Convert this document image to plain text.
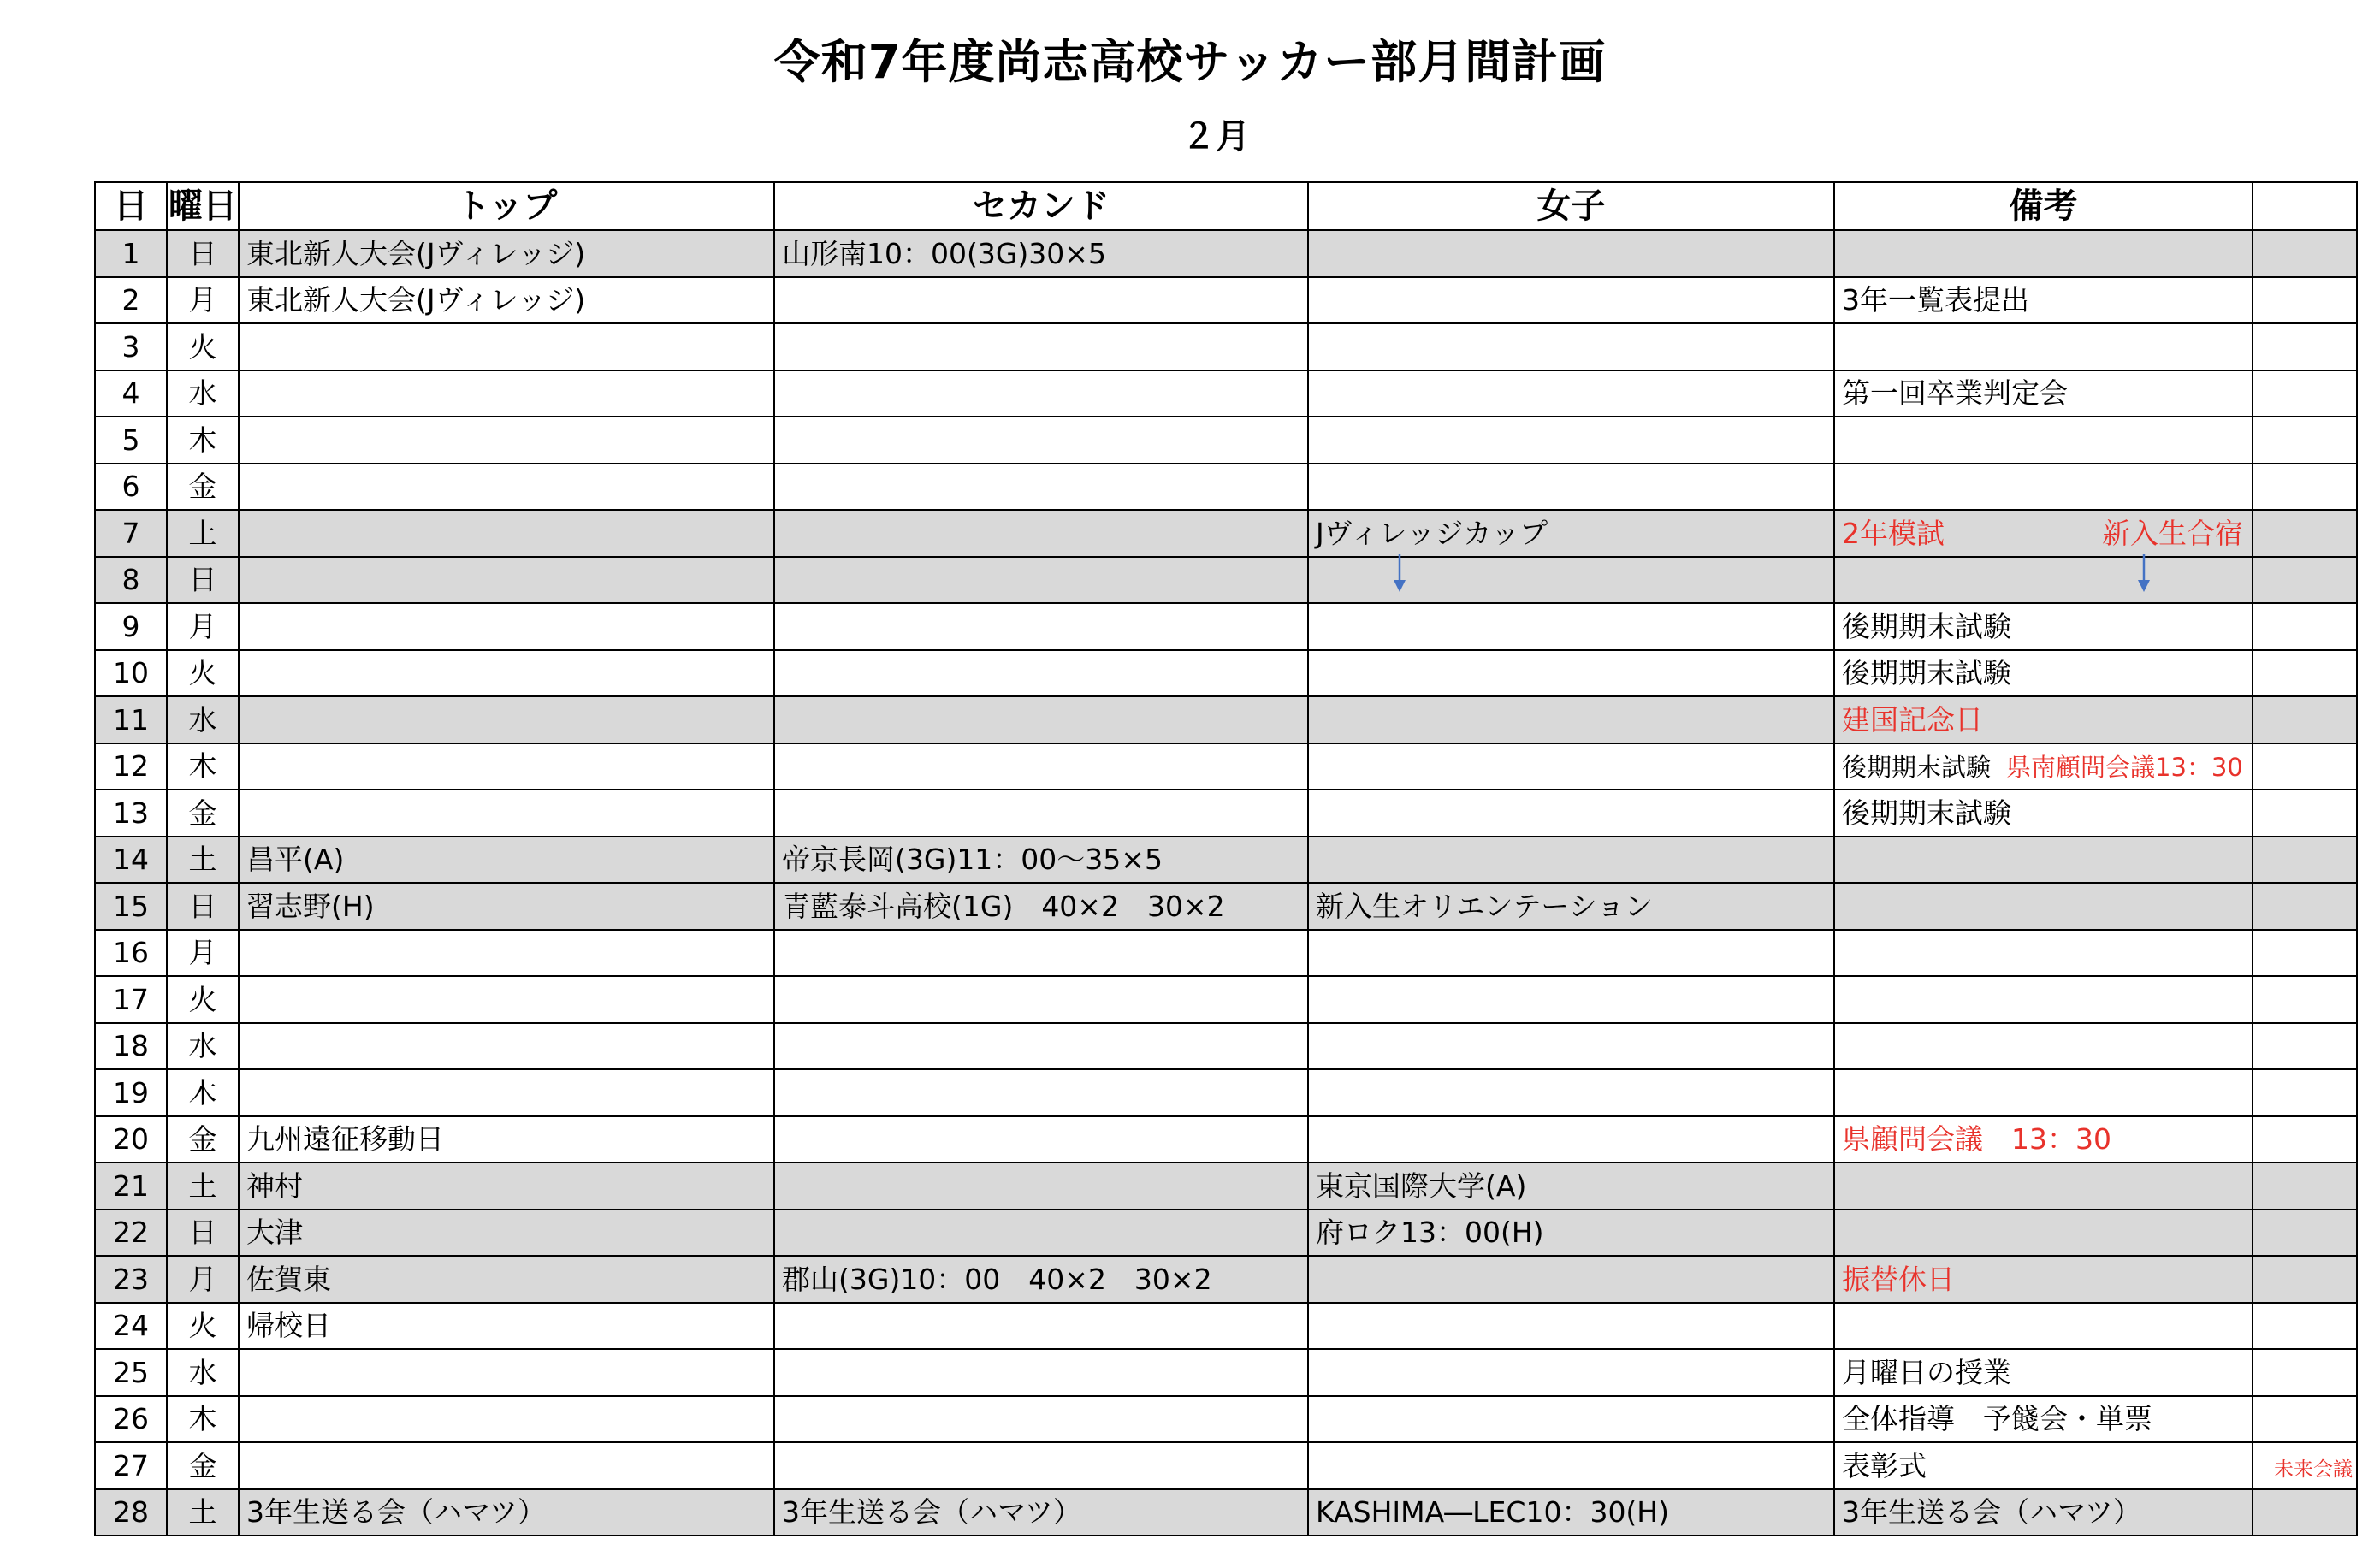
令和7年度尚志高校サッカー部月間計画
２月
日	曜日	トップ	セカンド	女子	備考	
1	日	東北新人大会(Jヴィレッジ)	山形南10：00(3G)30×5			
2	月	東北新人大会(Jヴィレッジ)			3年一覧表提出	
3	火					
4	水				第一回卒業判定会	
5	木					
6	金					
7	土			Jヴィレッジカップ	2年模試 新入生合宿	

8	日					
9	月				後期期末試験	
10	火				後期期末試験	
11	水				建国記念日	
12	木				後期期末試験 県南顧問会議13：30	
13	金				後期期末試験	
14	土	昌平(A)	帝京長岡(3G)11：00～35×5			
15	日	習志野(H)	青藍泰斗高校(1G)　40×2　30×2	新入生オリエンテーション		
16	月					
17	火					
18	水					
19	木					
20	金	九州遠征移動日			県顧問会議　13：30	
21	土	神村		東京国際大学(A)		
22	日	大津		府ロク13：00(H)		
23	月	佐賀東	郡山(3G)10：00　40×2　30×2		振替休日	
24	火	帰校日				
25	水				月曜日の授業	
26	木				全体指導　予餞会・単票	
27	金				表彰式	未来会議
28	土	3年生送る会（ハマツ）	3年生送る会（ハマツ）	KASHIMA―LEC10：30(H)	3年生送る会（ハマツ）	
